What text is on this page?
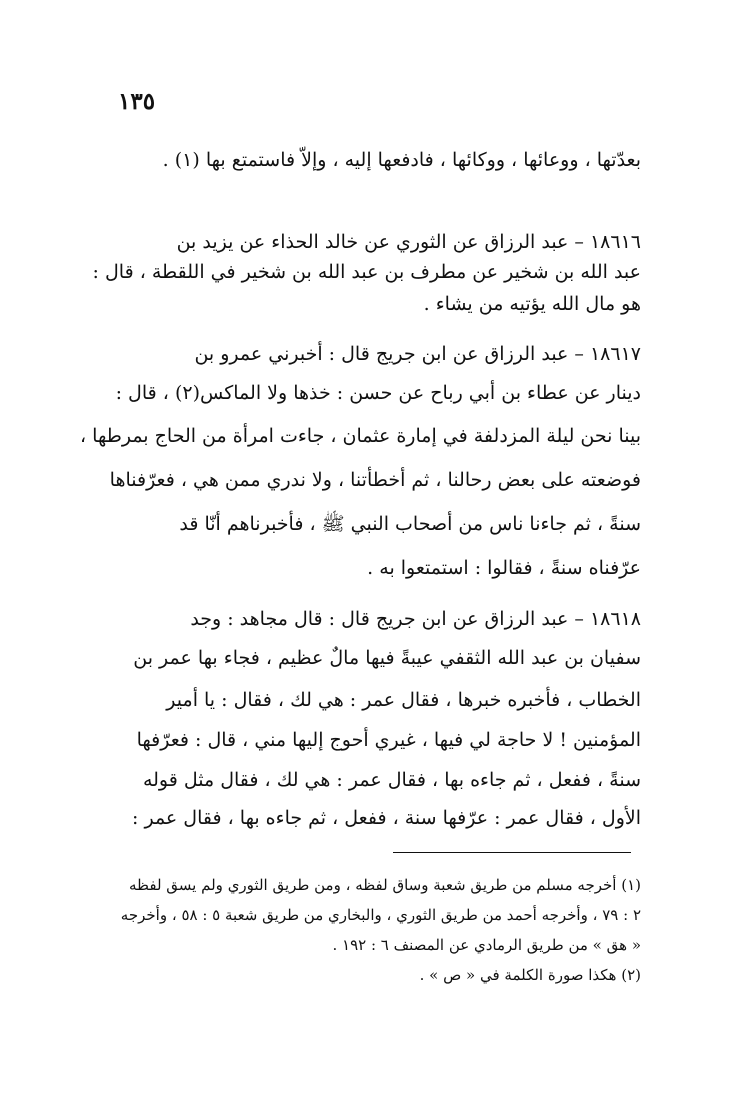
١٣٥
بعدّتها ، ووعائها ، ووكائها ، فادفعها إليه ، وإلاّ فاستمتع بها (١) .
١٨٦١٦ – عبد الرزاق عن الثوري عن خالد الحذاء عن يزيد بن
عبد الله بن شخير عن مطرف بن عبد الله بن شخير في اللقطة ، قال :
هو مال الله يؤتيه من يشاء .
١٨٦١٧ – عبد الرزاق عن ابن جريج قال : أخبرني عمرو بن
دينار عن عطاء بن أبي رباح عن حسن : خذها ولا الماكس(٢) ، قال :
بينا نحن ليلة المزدلفة في إمارة عثمان ، جاءت امرأة من الحاج بمرطها ،
فوضعته على بعض رحالنا ، ثم أخطأتنا ، ولا ندري ممن هي ، فعرّفناها
سنةً ، ثم جاءنا ناس من أصحاب النبي ﷺ ، فأخبرناهم أنّا قد
عرّفناه سنةً ، فقالوا : استمتعوا به .
١٨٦١٨ – عبد الرزاق عن ابن جريج قال : قال مجاهد : وجد
سفيان بن عبد الله الثقفي عيبةً فيها مالٌ عظيم ، فجاء بها عمر بن
الخطاب ، فأخبره خبرها ، فقال عمر : هي لك ، فقال : يا أمير
المؤمنين ! لا حاجة لي فيها ، غيري أحوج إليها مني ، قال : فعرّفها
سنةً ، ففعل ، ثم جاءه بها ، فقال عمر : هي لك ، فقال مثل قوله
الأول ، فقال عمر : عرّفها سنة ، ففعل ، ثم جاءه بها ، فقال عمر :
(١) أخرجه مسلم من طريق شعبة وساق لفظه ، ومن طريق الثوري ولم يسق لفظه
٢ : ٧٩ ، وأخرجه أحمد من طريق الثوري ، والبخاري من طريق شعبة ٥ : ٥٨ ، وأخرجه
« هق » من طريق الرمادي عن المصنف ٦ : ١٩٢ .
(٢) هكذا صورة الكلمة في « ص » .
